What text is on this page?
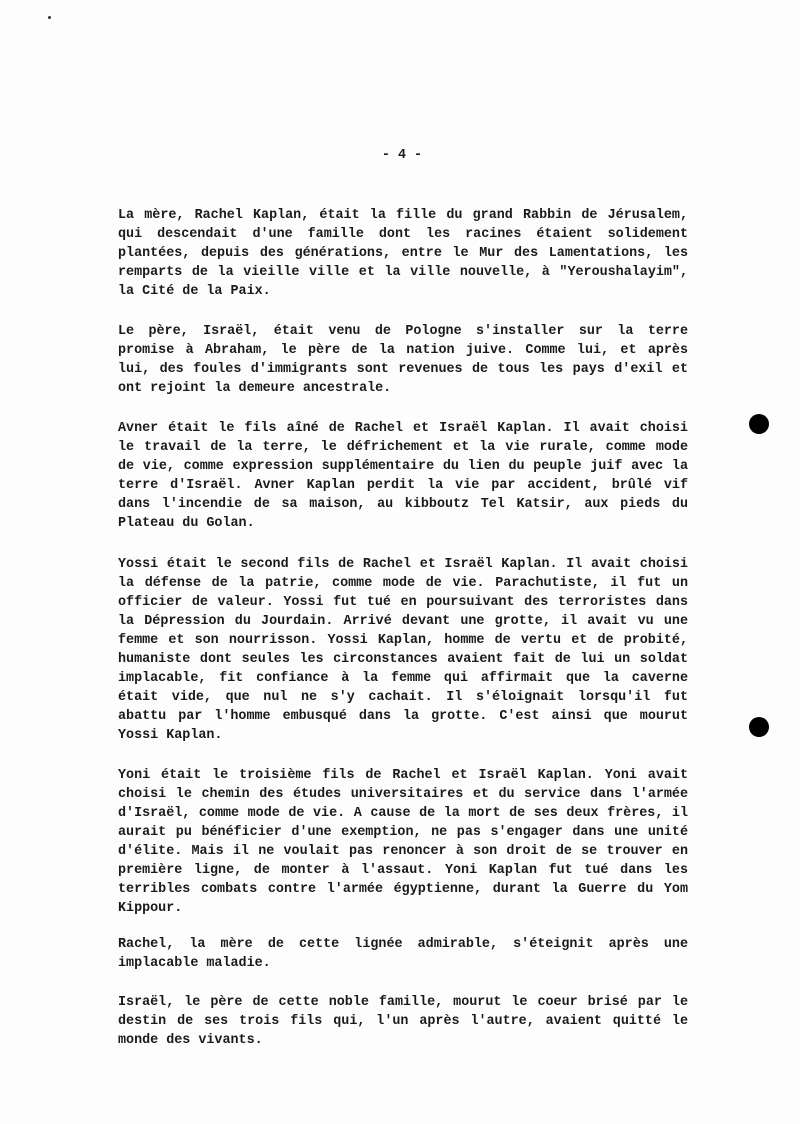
- 4 -

La mère, Rachel Kaplan, était la fille du grand Rabbin de Jérusalem, qui descendait d'une famille dont les racines étaient solidement plantées, depuis des générations, entre le Mur des Lamentations, les remparts de la vieille ville et la ville nouvelle, à "Yeroushalayim", la Cité de la Paix.

Le père, Israël, était venu de Pologne s'installer sur la terre promise à Abraham, le père de la nation juive. Comme lui, et après lui, des foules d'immigrants sont revenues de tous les pays d'exil et ont rejoint la demeure ancestrale.

Avner était le fils aîné de Rachel et Israël Kaplan. Il avait choisi le travail de la terre, le défrichement et la vie rurale, comme mode de vie, comme expression supplémentaire du lien du peuple juif avec la terre d'Israël. Avner Kaplan perdit la vie par accident, brûlé vif dans l'incendie de sa maison, au kibboutz Tel Katsir, aux pieds du Plateau du Golan.

Yossi était le second fils de Rachel et Israël Kaplan. Il avait choisi la défense de la patrie, comme mode de vie. Parachutiste, il fut un officier de valeur. Yossi fut tué en poursuivant des terroristes dans la Dépression du Jourdain. Arrivé devant une grotte, il avait vu une femme et son nourrisson. Yossi Kaplan, homme de vertu et de probité, humaniste dont seules les circonstances avaient fait de lui un soldat implacable, fit confiance à la femme qui affirmait que la caverne était vide, que nul ne s'y cachait. Il s'éloignait lorsqu'il fut abattu par l'homme embusqué dans la grotte. C'est ainsi que mourut Yossi Kaplan.

Yoni était le troisième fils de Rachel et Israël Kaplan. Yoni avait choisi le chemin des études universitaires et du service dans l'armée d'Israël, comme mode de vie. A cause de la mort de ses deux frères, il aurait pu bénéficier d'une exemption, ne pas s'engager dans une unité d'élite. Mais il ne voulait pas renoncer à son droit de se trouver en première ligne, de monter à l'assaut. Yoni Kaplan fut tué dans les terribles combats contre l'armée égyptienne, durant la Guerre du Yom Kippour.

Rachel, la mère de cette lignée admirable, s'éteignit après une implacable maladie.

Israël, le père de cette noble famille, mourut le coeur brisé par le destin de ses trois fils qui, l'un après l'autre, avaient quitté le monde des vivants.
